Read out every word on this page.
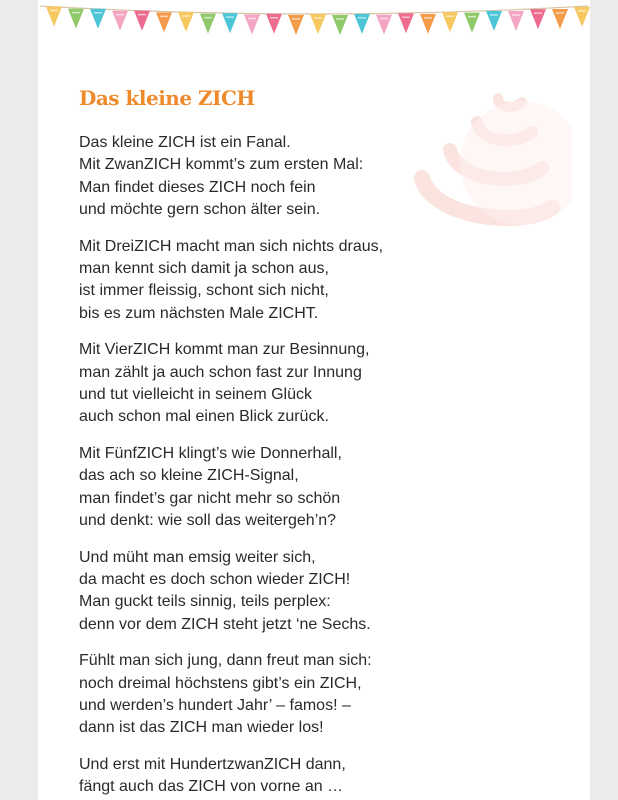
Das kleine ZICH
Das kleine ZICH ist ein Fanal.
Mit ZwanZICH kommt’s zum ersten Mal:
Man findet dieses ZICH noch fein
und möchte gern schon älter sein.
Mit DreiZICH macht man sich nichts draus,
man kennt sich damit ja schon aus,
ist immer fleissig, schont sich nicht,
bis es zum nächsten Male ZICHT.
Mit VierZICH kommt man zur Besinnung,
man zählt ja auch schon fast zur Innung
und tut vielleicht in seinem Glück
auch schon mal einen Blick zurück.
Mit FünfZICH klingt’s wie Donnerhall,
das ach so kleine ZICH-Signal,
man findet’s gar nicht mehr so schön
und denkt: wie soll das weitergeh’n?
Und müht man emsig weiter sich,
da macht es doch schon wieder ZICH!
Man guckt teils sinnig, teils perplex:
denn vor dem ZICH steht jetzt ‘ne Sechs.
Fühlt man sich jung, dann freut man sich:
noch dreimal höchstens gibt’s ein ZICH,
und werden’s hundert Jahr’ – famos! –
dann ist das ZICH man wieder los!
Und erst mit HundertzwanZICH dann,
fängt auch das ZICH von vorne an …
